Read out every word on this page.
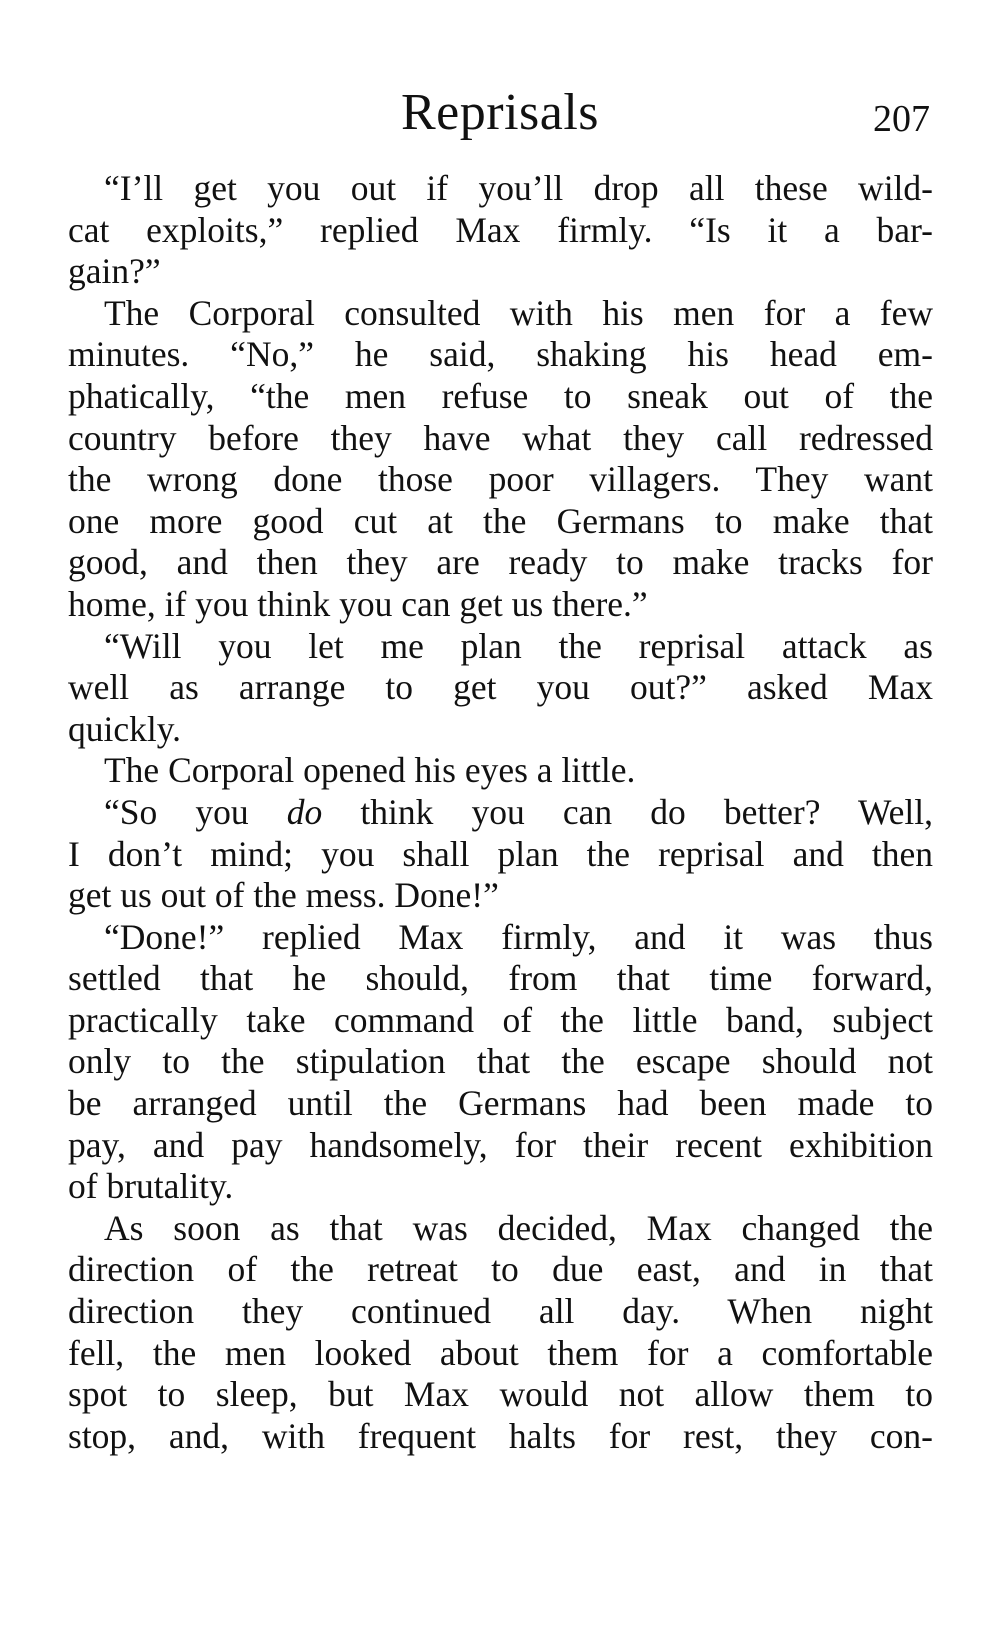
Reprisals	207
“I’ll get you out if you’ll drop all these wild-
cat exploits,” replied Max firmly. “Is it a bar-
gain?”
The Corporal consulted with his men for a few
minutes. “No,” he said, shaking his head em-
phatically, “the men refuse to sneak out of the
country before they have what they call redressed
the wrong done those poor villagers. They want
one more good cut at the Germans to make that
good, and then they are ready to make tracks for
home, if you think you can get us there.”
“Will you let me plan the reprisal attack as
well as arrange to get you out?” asked Max
quickly.
The Corporal opened his eyes a little.
“So you do think you can do better? Well,
I don’t mind; you shall plan the reprisal and then
get us out of the mess. Done!”
“Done!” replied Max firmly, and it was thus
settled that he should, from that time forward,
practically take command of the little band, subject
only to the stipulation that the escape should not
be arranged until the Germans had been made to
pay, and pay handsomely, for their recent exhibition
of brutality.
As soon as that was decided, Max changed the
direction of the retreat to due east, and in that
direction they continued all day. When night
fell, the men looked about them for a comfortable
spot to sleep, but Max would not allow them to
stop, and, with frequent halts for rest, they con-
